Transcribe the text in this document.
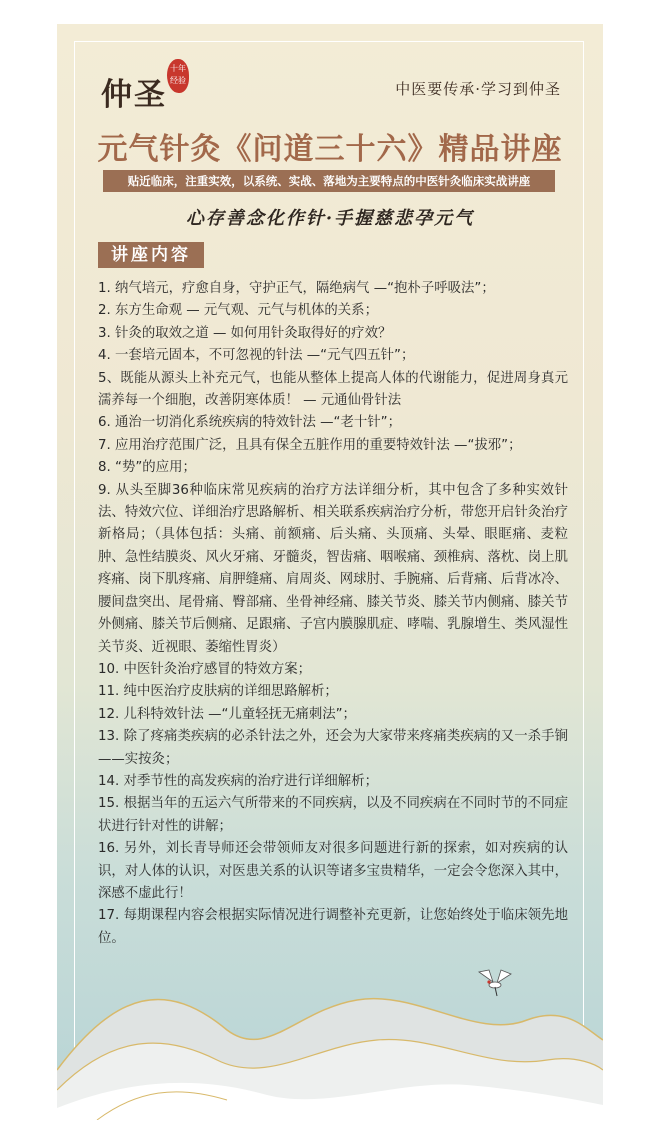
仲圣
十年
经验	中医要传承·学习到仲圣
元气针灸《问道三十六》精品讲座
贴近临床，注重实效，以系统、实战、落地为主要特点的中医针灸临床实战讲座
心存善念化作针·手握慈悲孕元气
讲座内容
1. 纳气培元，疗愈自身，守护正气，隔绝病气 —“抱朴子呼吸法”；
2. 东方生命观 — 元气观、元气与机体的关系；
3. 针灸的取效之道 — 如何用针灸取得好的疗效？
4. 一套培元固本，不可忽视的针法 —“元气四五针”；
5、既能从源头上补充元气，也能从整体上提高人体的代谢能力，促进周身真元濡养每一个细胞，改善阴寒体质！ — 元通仙骨针法
6. 通治一切消化系统疾病的特效针法 —“老十针”；
7. 应用治疗范围广泛，且具有保全五脏作用的重要特效针法 —“拔邪”；
8. “势”的应用；
9. 从头至脚36种临床常见疾病的治疗方法详细分析，其中包含了多种实效针法、特效穴位、详细治疗思路解析、相关联系疾病治疗分析，带您开启针灸治疗新格局；（具体包括：头痛、前额痛、后头痛、头顶痛、头晕、眼眶痛、麦粒肿、急性结膜炎、风火牙痛、牙髓炎，智齿痛、咽喉痛、颈椎病、落枕、岗上肌疼痛、岗下肌疼痛、肩胛缝痛、肩周炎、网球肘、手腕痛、后背痛、后背冰冷、腰间盘突出、尾骨痛、臀部痛、坐骨神经痛、膝关节炎、膝关节内侧痛、膝关节外侧痛、膝关节后侧痛、足跟痛、子宫内膜腺肌症、哮喘、乳腺增生、类风湿性关节炎、近视眼、萎缩性胃炎）
10. 中医针灸治疗感冒的特效方案；
11. 纯中医治疗皮肤病的详细思路解析；
12. 儿科特效针法 —“儿童轻抚无痛刺法”；
13. 除了疼痛类疾病的必杀针法之外，还会为大家带来疼痛类疾病的又一杀手锏——实按灸；
14. 对季节性的高发疾病的治疗进行详细解析；
15. 根据当年的五运六气所带来的不同疾病，以及不同疾病在不同时节的不同症状进行针对性的讲解；
16. 另外，刘长青导师还会带领师友对很多问题进行新的探索，如对疾病的认识，对人体的认识，对医患关系的认识等诸多宝贵精华，一定会令您深入其中，深感不虚此行！
17. 每期课程内容会根据实际情况进行调整补充更新，让您始终处于临床领先地位。
